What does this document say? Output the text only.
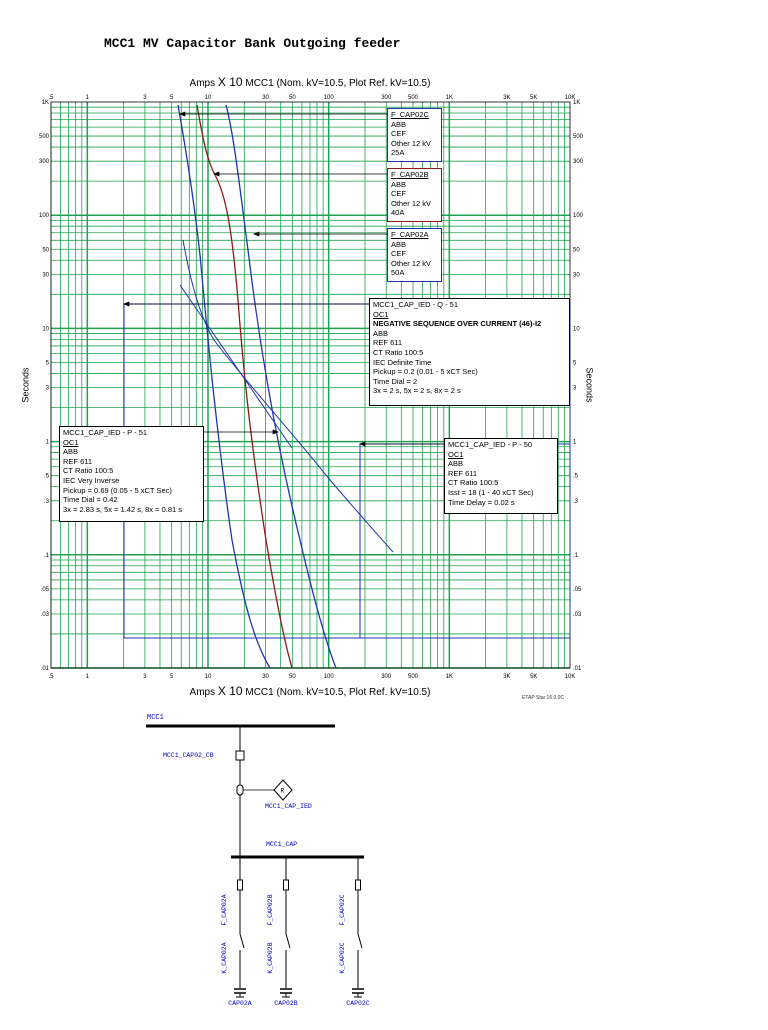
MCC1 MV Capacitor Bank Outgoing feeder
Amps X 10 MCC1 (Nom. kV=10.5, Plot Ref. kV=10.5)
Amps X 10 MCC1 (Nom. kV=10.5, Plot Ref. kV=10.5)
Seconds	Seconds
.5
.5
1
1
3
3
5
5
10
10
30
30
50
50
100
100
300
300
500
500
1K
1K
3K
3K
5K
5K
10K
10K
1K	1K
500	500
300	300
100	100
50	50
30	30
10	10
5	5
3	3
1	1
.5	.5
.3	.3
.1	.1
.05	.05
.03	.03
.01	.01
F_CAP02C
ABB
CEF
Other 12 kV
25A
F_CAP02B
ABB
CEF
Other 12 kV
40A
F_CAP02A
ABB
CEF
Other 12 kV
50A
MCC1_CAP_IED - Q - 51
OC1
NEGATIVE SEQUENCE OVER CURRENT (46)-I2
ABB
REF 611
CT Ratio 100:5
IEC Definite Time
Pickup = 0.2 (0.01 - 5 xCT Sec)
Time Dial = 2
3x = 2 s, 5x = 2 s, 8x = 2 s
MCC1_CAP_IED - P - 51
OC1
ABB
REF 611
CT Ratio 100:5
IEC Very Inverse
Pickup = 0.69 (0.05 - 5 xCT Sec)
Time Dial = 0.42
3x = 2.83 s, 5x = 1.42 s, 8x = 0.81 s
MCC1_CAP_IED - P - 50
OC1
ABB
REF 611
CT Ratio 100:5
Isst = 18 (1 - 40 xCT Sec)
Time Delay = 0.02 s
ETAP Star 16.0.0C
MCC1
MCC1_CAP02_CB
R
MCC1_CAP_IED
MCC1_CAP
F_CAP02A
K_CAP02A
CAP02A
F_CAP02B
K_CAP02B
CAP02B
F_CAP02C
K_CAP02C
CAP02C
